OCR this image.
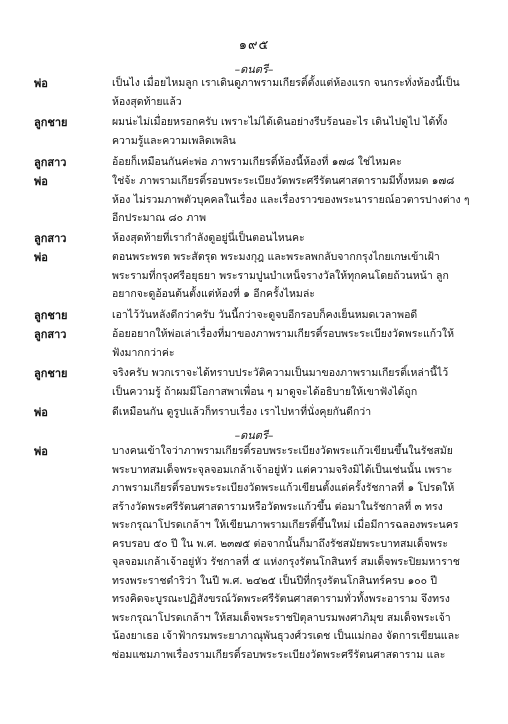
๑๙๕
–ดนตรี–
พ่อ	เป็นไง เมื่อยไหมลูก เราเดินดูภาพรามเกียรติ์ตั้งแต่ห้องแรก จนกระทั่งห้องนี้เป็น
ห้องสุดท้ายแล้ว
ลูกชาย	ผมน่ะไม่เมื่อยหรอกครับ เพราะไม่ได้เดินอย่างรีบร้อนอะไร เดินไปดูไป ได้ทั้ง
ความรู้และความเพลิดเพลิน
ลูกสาว	อ้อยก็เหมือนกันค่ะพ่อ ภาพรามเกียรติ์ห้องนี้ห้องที่ ๑๗๘ ใช่ไหมคะ
พ่อ	ใช่จ้ะ ภาพรามเกียรติ์รอบพระระเบียงวัดพระศรีรัตนศาสดารามมีทั้งหมด ๑๗๘
ห้อง ไม่รวมภาพตัวบุคคลในเรื่อง และเรื่องราวของพระนารายณ์อวตารปางต่าง ๆ
อีกประมาณ ๘๐ ภาพ
ลูกสาว	ห้องสุดท้ายที่เรากำลังดูอยู่นี่เป็นตอนไหนคะ
พ่อ	ตอนพระพรต พระสัตรุด พระมงกุฎ และพระลพกลับจากกรุงไกยเกษเข้าเฝ้า
พระรามที่กรุงศรีอยุธยา พระรามปูนบำเหน็จรางวัลให้ทุกคนโดยถ้วนหน้า ลูก
อยากจะดูอ้อนต้นตั้งแต่ห้องที่ ๑ อีกครั้งไหมล่ะ
ลูกชาย	เอาไว้วันหลังดีกว่าครับ วันนี้กว่าจะดูจบอีกรอบก็คงเย็นหมดเวลาพอดี
ลูกสาว	อ้อยอยากให้พ่อเล่าเรื่องที่มาของภาพรามเกียรติ์รอบพระระเบียงวัดพระแก้วให้
ฟังมากกว่าค่ะ
ลูกชาย	จริงครับ พวกเราจะได้ทราบประวัติความเป็นมาของภาพรามเกียรติ์เหล่านี้ไว้
เป็นความรู้ ถ้าผมมีโอกาสพาเพื่อน ๆ มาดูจะได้อธิบายให้เขาฟังได้ถูก
พ่อ	ดีเหมือนกัน ดูรูปแล้วก็ทราบเรื่อง เราไปหาที่นั่งคุยกันดีกว่า
–ดนตรี–
พ่อ	บางคนเข้าใจว่าภาพรามเกียรติ์รอบพระระเบียงวัดพระแก้วเขียนขึ้นในรัชสมัย
พระบาทสมเด็จพระจุลจอมเกล้าเจ้าอยู่หัว แต่ความจริงมิได้เป็นเช่นนั้น เพราะ
ภาพรามเกียรติ์รอบพระระเบียงวัดพระแก้วเขียนตั้งแต่ครั้งรัชกาลที่ ๑ โปรดให้
สร้างวัดพระศรีรัตนศาสดารามหรือวัดพระแก้วขึ้น ต่อมาในรัชกาลที่ ๓ ทรง
พระกรุณาโปรดเกล้าฯ ให้เขียนภาพรามเกียรติ์ขึ้นใหม่ เมื่อมีการฉลองพระนคร
ครบรอบ ๕๐ ปี ใน พ.ศ. ๒๓๗๕ ต่อจากนั้นก็มาถึงรัชสมัยพระบาทสมเด็จพระ
จุลจอมเกล้าเจ้าอยู่หัว รัชกาลที่ ๕ แห่งกรุงรัตนโกสินทร์ สมเด็จพระปิยมหาราช
ทรงพระราชดำริว่า ในปี พ.ศ. ๒๔๒๕ เป็นปีที่กรุงรัตนโกสินทร์ครบ ๑๐๐ ปี
ทรงคิดจะบูรณะปฏิสังขรณ์วัดพระศรีรัตนศาสดารามทั่วทั้งพระอาราม จึงทรง
พระกรุณาโปรดเกล้าฯ ให้สมเด็จพระราชปิตุลาบรมพงศาภิมุข สมเด็จพระเจ้า
น้องยาเธอ เจ้าฟ้ากรมพระยาภาณุพันธุวงศ์วรเดช เป็นแม่กอง จัดการเขียนและ
ซ่อมแซมภาพเรื่องรามเกียรติ์รอบพระระเบียงวัดพระศรีรัตนศาสดาราม และ
